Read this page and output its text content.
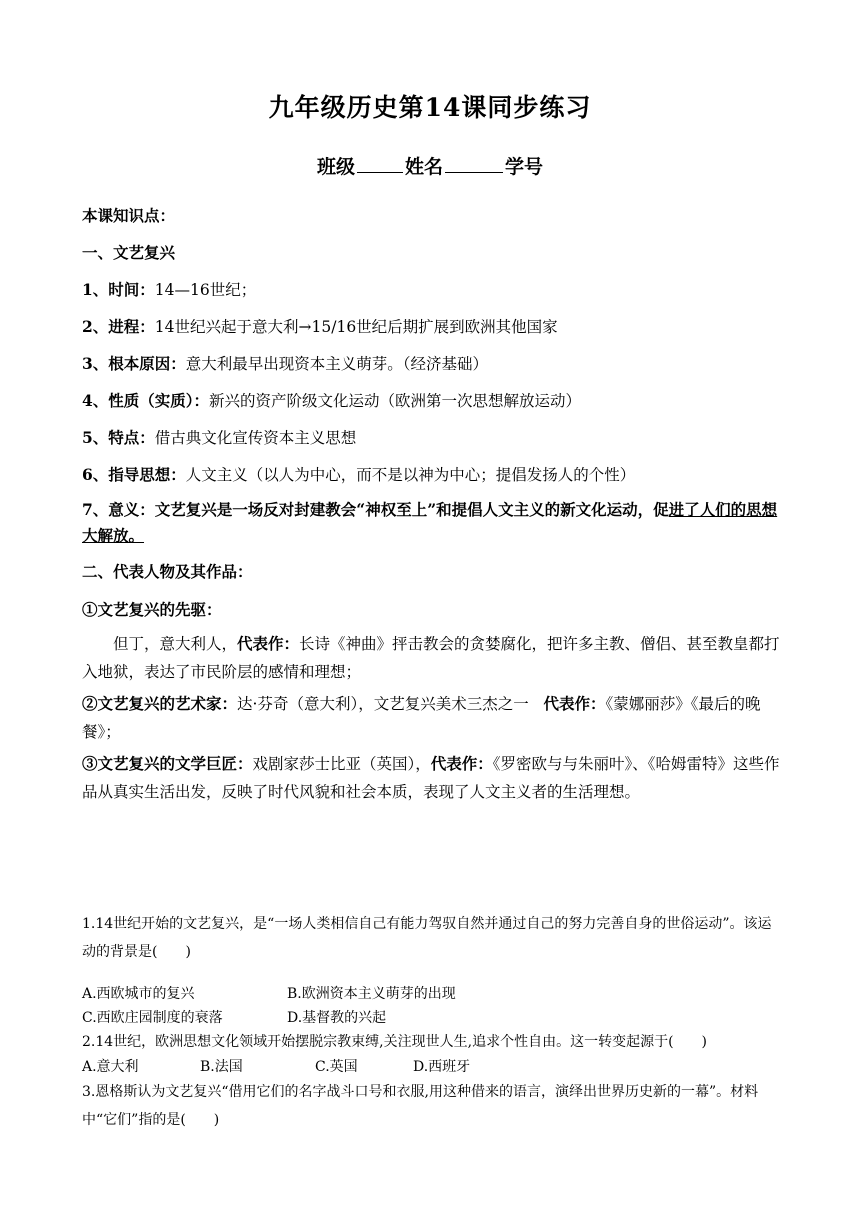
九年级历史第14课同步练习
班级	姓名	学号
本课知识点：
一、文艺复兴
1、时间：14—16世纪；
2、进程：14世纪兴起于意大利→15/16世纪后期扩展到欧洲其他国家
3、根本原因：意大利最早出现资本主义萌芽。（经济基础）
4、性质（实质）：新兴的资产阶级文化运动（欧洲第一次思想解放运动）
5、特点：借古典文化宣传资本主义思想
6、指导思想：人文主义（以人为中心，而不是以神为中心；提倡发扬人的个性）
7、意义：文艺复兴是一场反对封建教会“神权至上”和提倡人文主义的新文化运动，促进了人们的思想大解放。
二、代表人物及其作品：
①文艺复兴的先驱：
但丁，意大利人，代表作：长诗《神曲》抨击教会的贪婪腐化，把许多主教、僧侣、甚至教皇都打入地狱，表达了市民阶层的感情和理想；
②文艺复兴的艺术家：达·芬奇（意大利），文艺复兴美术三杰之一 代表作：《蒙娜丽莎》《最后的晚餐》；
③文艺复兴的文学巨匠：戏剧家莎士比亚（英国），代表作：《罗密欧与与朱丽叶》、《哈姆雷特》这些作品从真实生活出发，反映了时代风貌和社会本质，表现了人文主义者的生活理想。
1.14世纪开始的文艺复兴，是“一场人类相信自己有能力驾驭自然并通过自己的努力完善自身的世俗运动”。该运动的背景是(　　)
A.西欧城市的复兴	B.欧洲资本主义萌芽的出现
C.西欧庄园制度的衰落	D.基督教的兴起
2.14世纪，欧洲思想文化领域开始摆脱宗教束缚,关注现世人生,追求个性自由。这一转变起源于(　　)
A.意大利	B.法国	C.英国	D.西班牙
3.恩格斯认为文艺复兴“借用它们的名字战斗口号和衣服,用这种借来的语言，演绎出世界历史新的一幕”。材料中“它们”指的是(　　)
